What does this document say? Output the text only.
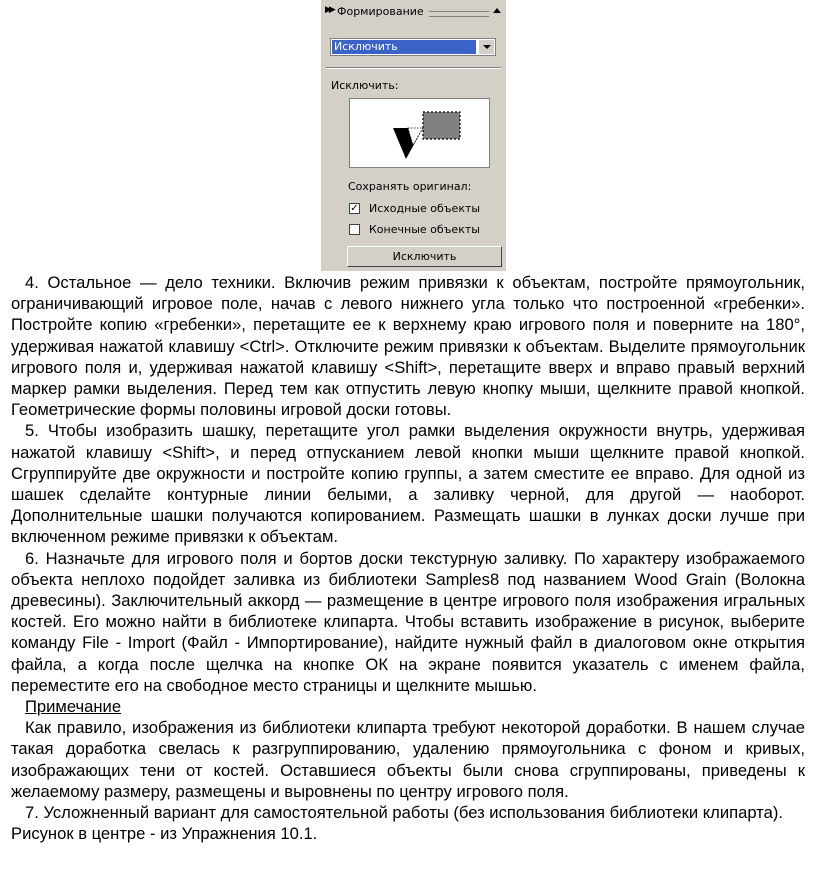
▶▶ Формирование
Исключить
Исключить:
Сохранять оригинал:
✓ Исходные объекты
Конечные объекты
Исключить

4. Остальное — дело техники. Включив режим привязки к объектам, постройте прямоугольник, ограничивающий игровое поле, начав с левого нижнего угла только что построенной «гребенки». Постройте копию «гребенки», перетащите ее к верхнему краю игрового поля и поверните на 180°, удерживая нажатой клавишу <Ctrl>. Отключите режим привязки к объектам. Выделите прямоугольник игрового поля и, удерживая нажатой клавишу <Shift>, перетащите вверх и вправо правый верхний маркер рамки выделения. Перед тем как отпустить левую кнопку мыши, щелкните правой кнопкой. Геометрические формы половины игровой доски готовы.

5. Чтобы изобразить шашку, перетащите угол рамки выделения окружности внутрь, удерживая нажатой клавишу <Shift>, и перед отпусканием левой кнопки мыши щелкните правой кнопкой. Сгруппируйте две окружности и постройте копию группы, а затем сместите ее вправо. Для одной из шашек сделайте контурные линии белыми, а заливку черной, для другой — наоборот. Дополнительные шашки получаются копированием. Размещать шашки в лунках доски лучше при включенном режиме привязки к объектам.

6. Назначьте для игрового поля и бортов доски текстурную заливку. По характеру изображаемого объекта неплохо подойдет заливка из библиотеки Samples8 под названием Wood Grain (Волокна древесины). Заключительный аккорд — размещение в центре игрового поля изображения игральных костей. Его можно найти в библиотеке клипарта. Чтобы вставить изображение в рисунок, выберите команду File - Import (Файл - Импортирование), найдите нужный файл в диалоговом окне открытия файла, а когда после щелчка на кнопке ОК на экране появится указатель с именем файла, переместите его на свободное место страницы и щелкните мышью.

Примечание

Как правило, изображения из библиотеки клипарта требуют некоторой доработки. В нашем случае такая доработка свелась к разгруппированию, удалению прямоугольника с фоном и кривых, изображающих тени от костей. Оставшиеся объекты были снова сгруппированы, приведены к желаемому размеру, размещены и выровнены по центру игрового поля.

7. Усложненный вариант для самостоятельной работы (без использования библиотеки клипарта). Рисунок в центре - из Упражнения 10.1.
